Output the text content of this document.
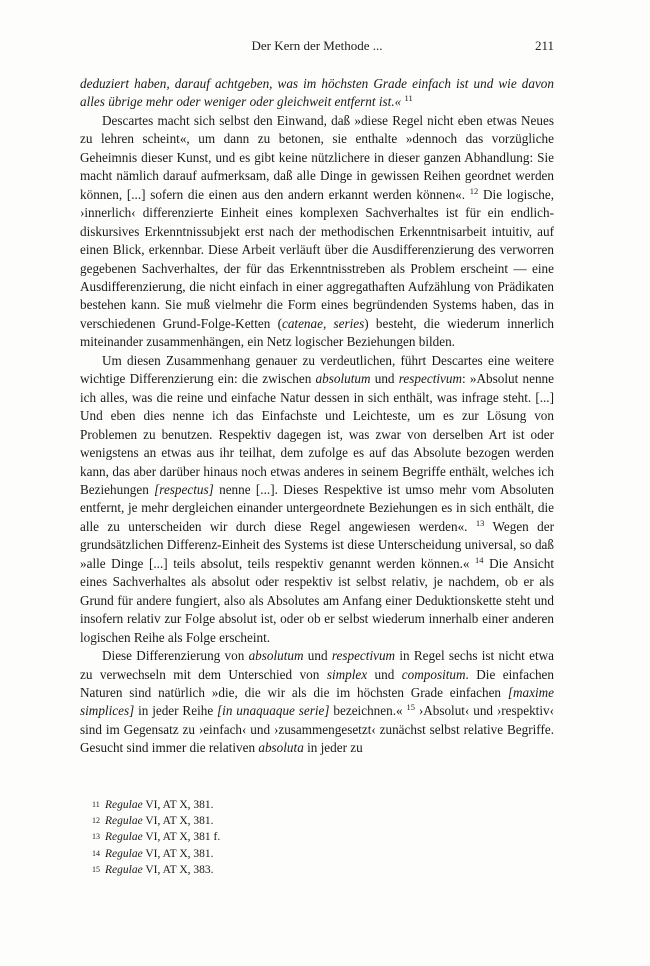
Der Kern der Methode ...	211

deduziert haben, darauf achtgeben, was im höchsten Grade einfach ist und wie davon alles übrige mehr oder weniger oder gleichweit entfernt ist.« $^{11}$

Descartes macht sich selbst den Einwand, daß »diese Regel nicht eben etwas Neues zu lehren scheint«, um dann zu betonen, sie enthalte »dennoch das vorzügliche Geheimnis dieser Kunst, und es gibt keine nützlichere in dieser ganzen Abhandlung: Sie macht nämlich darauf aufmerksam, daß alle Dinge in gewissen Reihen geordnet werden können, [...] sofern die einen aus den andern erkannt werden können«. $^{12}$ Die logische, ›innerlich‹ differenzierte Einheit eines komplexen Sachverhaltes ist für ein endlich-diskursives Erkenntnissubjekt erst nach der methodischen Erkenntnisarbeit intuitiv, auf einen Blick, erkennbar. Diese Arbeit verläuft über die Ausdifferenzierung des verworren gegebenen Sachverhaltes, der für das Erkenntnisstreben als Problem erscheint — eine Ausdifferenzierung, die nicht einfach in einer aggregathaften Aufzählung von Prädikaten bestehen kann. Sie muß vielmehr die Form eines begründenden Systems haben, das in verschiedenen Grund-Folge-Ketten (catenae, series) besteht, die wiederum innerlich miteinander zusammenhängen, ein Netz logischer Beziehungen bilden.

Um diesen Zusammenhang genauer zu verdeutlichen, führt Descartes eine weitere wichtige Differenzierung ein: die zwischen absolutum und respectivum: »Absolut nenne ich alles, was die reine und einfache Natur dessen in sich enthält, was infrage steht. [...] Und eben dies nenne ich das Einfachste und Leichteste, um es zur Lösung von Problemen zu benutzen. Respektiv dagegen ist, was zwar von derselben Art ist oder wenigstens an etwas aus ihr teilhat, dem zufolge es auf das Absolute bezogen werden kann, das aber darüber hinaus noch etwas anderes in seinem Begriffe enthält, welches ich Beziehungen [respectus] nenne [...]. Dieses Respektive ist umso mehr vom Absoluten entfernt, je mehr dergleichen einander untergeordnete Beziehungen es in sich enthält, die alle zu unterscheiden wir durch diese Regel angewiesen werden«. $^{13}$ Wegen der grundsätzlichen Differenz-Einheit des Systems ist diese Unterscheidung universal, so daß »alle Dinge [...] teils absolut, teils respektiv genannt werden können.« $^{14}$ Die Ansicht eines Sachverhaltes als absolut oder respektiv ist selbst relativ, je nachdem, ob er als Grund für andere fungiert, also als Absolutes am Anfang einer Deduktionskette steht und insofern relativ zur Folge absolut ist, oder ob er selbst wiederum innerhalb einer anderen logischen Reihe als Folge erscheint.

Diese Differenzierung von absolutum und respectivum in Regel sechs ist nicht etwa zu verwechseln mit dem Unterschied von simplex und compositum. Die einfachen Naturen sind natürlich »die, die wir als die im höchsten Grade einfachen [maxime simplices] in jeder Reihe [in unaquaque serie] bezeichnen.« $^{15}$ ›Absolut‹ und ›respektiv‹ sind im Gegensatz zu ›einfach‹ und ›zusammengesetzt‹ zunächst selbst relative Begriffe. Gesucht sind immer die relativen absoluta in jeder zu

11 Regulae VI, AT X, 381.
12 Regulae VI, AT X, 381.
13 Regulae VI, AT X, 381 f.
14 Regulae VI, AT X, 381.
15 Regulae VI, AT X, 383.
